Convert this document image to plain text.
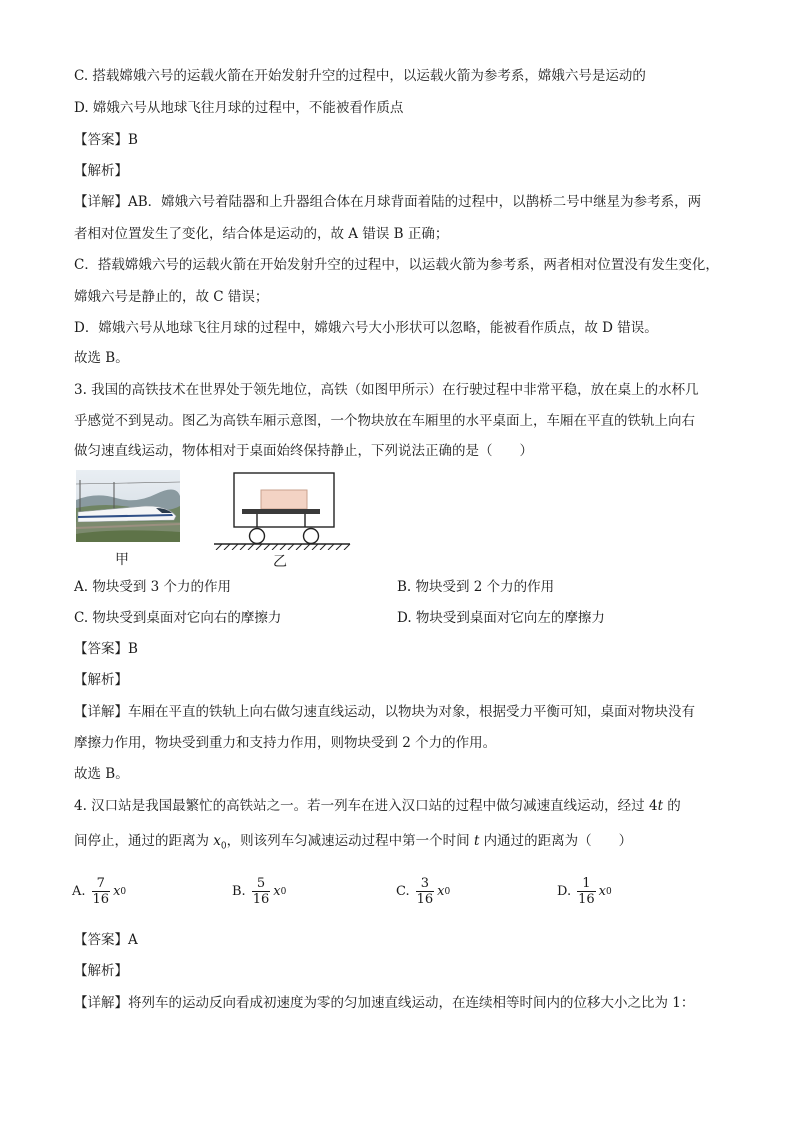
C. 搭载嫦娥六号的运载火箭在开始发射升空的过程中，以运载火箭为参考系，嫦娥六号是运动的
D. 嫦娥六号从地球飞往月球的过程中，不能被看作质点
【答案】B
【解析】
【详解】AB．嫦娥六号着陆器和上升器组合体在月球背面着陆的过程中，以鹊桥二号中继星为参考系，两
者相对位置发生了变化，结合体是运动的，故 A 错误 B 正确；
C．搭载嫦娥六号的运载火箭在开始发射升空的过程中，以运载火箭为参考系，两者相对位置没有发生变化，
嫦娥六号是静止的，故 C 错误；
D．嫦娥六号从地球飞往月球的过程中，嫦娥六号大小形状可以忽略，能被看作质点，故 D 错误。
故选 B。
3. 我国的高铁技术在世界处于领先地位，高铁（如图甲所示）在行驶过程中非常平稳，放在桌上的水杯几
乎感觉不到晃动。图乙为高铁车厢示意图，一个物块放在车厢里的水平桌面上，车厢在平直的铁轨上向右
做匀速直线运动，物体相对于桌面始终保持静止，下列说法正确的是（　　）
甲	乙
A. 物块受到 3 个力的作用	B. 物块受到 2 个力的作用
C. 物块受到桌面对它向右的摩擦力	D. 物块受到桌面对它向左的摩擦力
【答案】B
【解析】
【详解】车厢在平直的铁轨上向右做匀速直线运动，以物块为对象，根据受力平衡可知，桌面对物块没有
摩擦力作用，物块受到重力和支持力作用，则物块受到 2 个力的作用。
故选 B。
4. 汉口站是我国最繁忙的高铁站之一。若一列车在进入汉口站的过程中做匀减速直线运动，经过 4t 的
间停止，通过的距离为 $x_0$，则该列车匀减速运动过程中第一个时间 t 内通过的距离为（　　）
A. $\frac{7}{16}$ x 0	B. $\frac{5}{16}$ x 0	C. $\frac{3}{16}$ x 0	D. $\frac{1}{16}$ x 0
【答案】A
【解析】
【详解】将列车的运动反向看成初速度为零的匀加速直线运动，在连续相等时间内的位移大小之比为 1：
